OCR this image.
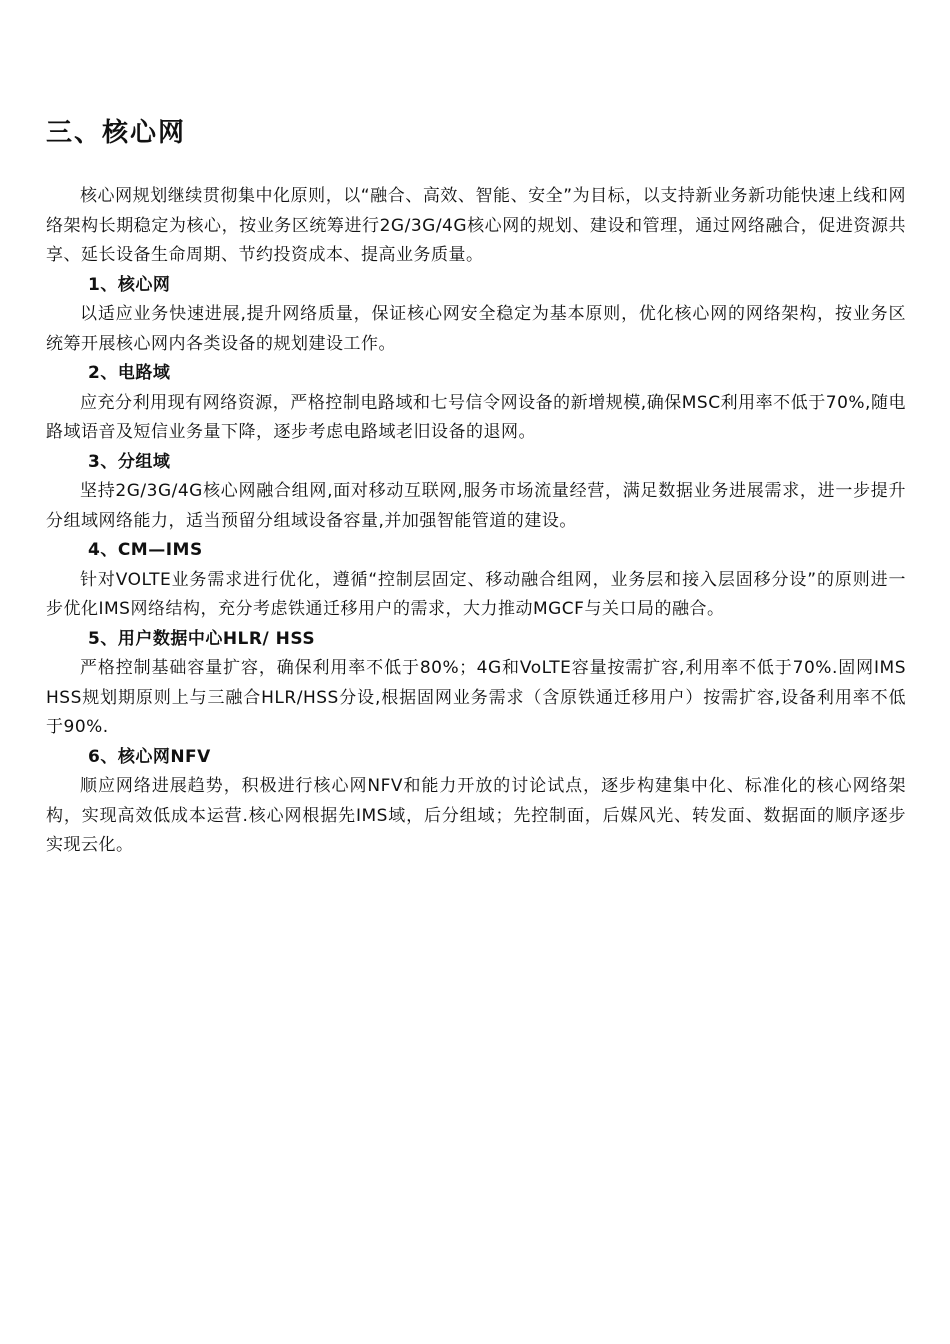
三、核心网

核心网规划继续贯彻集中化原则，以“融合、高效、智能、安全”为目标，以支持新业务新功能快速上线和网络架构长期稳定为核心，按业务区统筹进行2G/3G/4G核心网的规划、建设和管理，通过网络融合，促进资源共享、延长设备生命周期、节约投资成本、提高业务质量。

1、核心网

以适应业务快速进展,提升网络质量，保证核心网安全稳定为基本原则，优化核心网的网络架构，按业务区统筹开展核心网内各类设备的规划建设工作。

2、电路域

应充分利用现有网络资源，严格控制电路域和七号信令网设备的新增规模,确保MSC利用率不低于70%,随电路域语音及短信业务量下降，逐步考虑电路域老旧设备的退网。

3、分组域

坚持2G/3G/4G核心网融合组网,面对移动互联网,服务市场流量经营，满足数据业务进展需求，进一步提升分组域网络能力，适当预留分组域设备容量,并加强智能管道的建设。

4、CM—IMS

针对VOLTE业务需求进行优化，遵循“控制层固定、移动融合组网，业务层和接入层固移分设”的原则进一步优化IMS网络结构，充分考虑铁通迁移用户的需求，大力推动MGCF与关口局的融合。

5、用户数据中心HLR/ HSS

严格控制基础容量扩容，确保利用率不低于80%；4G和VoLTE容量按需扩容,利用率不低于70%.固网IMS HSS规划期原则上与三融合HLR/HSS分设,根据固网业务需求（含原铁通迁移用户）按需扩容,设备利用率不低于90%.

6、核心网NFV

顺应网络进展趋势，积极进行核心网NFV和能力开放的讨论试点，逐步构建集中化、标准化的核心网络架构，实现高效低成本运营.核心网根据先IMS域，后分组域；先控制面，后媒风光、转发面、数据面的顺序逐步实现云化。
